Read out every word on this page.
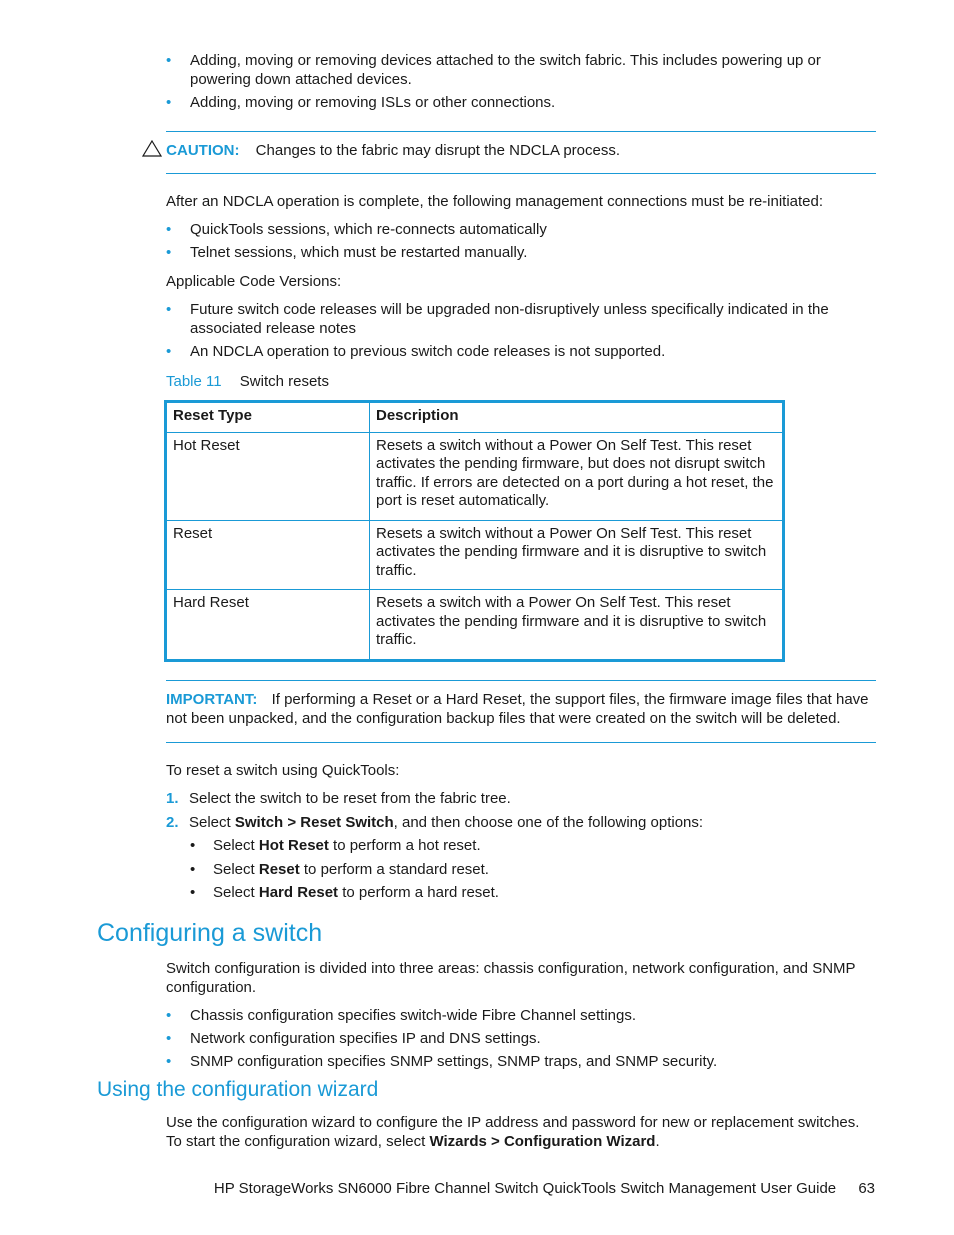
• Adding, moving or removing devices attached to the switch fabric. This includes powering up or powering down attached devices.
• Adding, moving or removing ISLs or other connections.
CAUTION: Changes to the fabric may disrupt the NDCLA process.
After an NDCLA operation is complete, the following management connections must be re-initiated:
• QuickTools sessions, which re-connects automatically
• Telnet sessions, which must be restarted manually.
Applicable Code Versions:
• Future switch code releases will be upgraded non-disruptively unless specifically indicated in the associated release notes
• An NDCLA operation to previous switch code releases is not supported.
Table 11 Switch resets
Reset Type	Description
Hot Reset	Resets a switch without a Power On Self Test. This reset activates the pending firmware, but does not disrupt switch traffic. If errors are detected on a port during a hot reset, the port is reset automatically.
Reset	Resets a switch without a Power On Self Test. This reset activates the pending firmware and it is disruptive to switch traffic.
Hard Reset	Resets a switch with a Power On Self Test. This reset activates the pending firmware and it is disruptive to switch traffic.
IMPORTANT: If performing a Reset or a Hard Reset, the support files, the firmware image files that have not been unpacked, and the configuration backup files that were created on the switch will be deleted.
To reset a switch using QuickTools:
1. Select the switch to be reset from the fabric tree.
2. Select Switch > Reset Switch, and then choose one of the following options:
• Select Hot Reset to perform a hot reset.
• Select Reset to perform a standard reset.
• Select Hard Reset to perform a hard reset.
Configuring a switch
Switch configuration is divided into three areas: chassis configuration, network configuration, and SNMP configuration.
• Chassis configuration specifies switch-wide Fibre Channel settings.
• Network configuration specifies IP and DNS settings.
• SNMP configuration specifies SNMP settings, SNMP traps, and SNMP security.
Using the configuration wizard
Use the configuration wizard to configure the IP address and password for new or replacement switches. To start the configuration wizard, select Wizards > Configuration Wizard.
HP StorageWorks SN6000 Fibre Channel Switch QuickTools Switch Management User Guide 63
